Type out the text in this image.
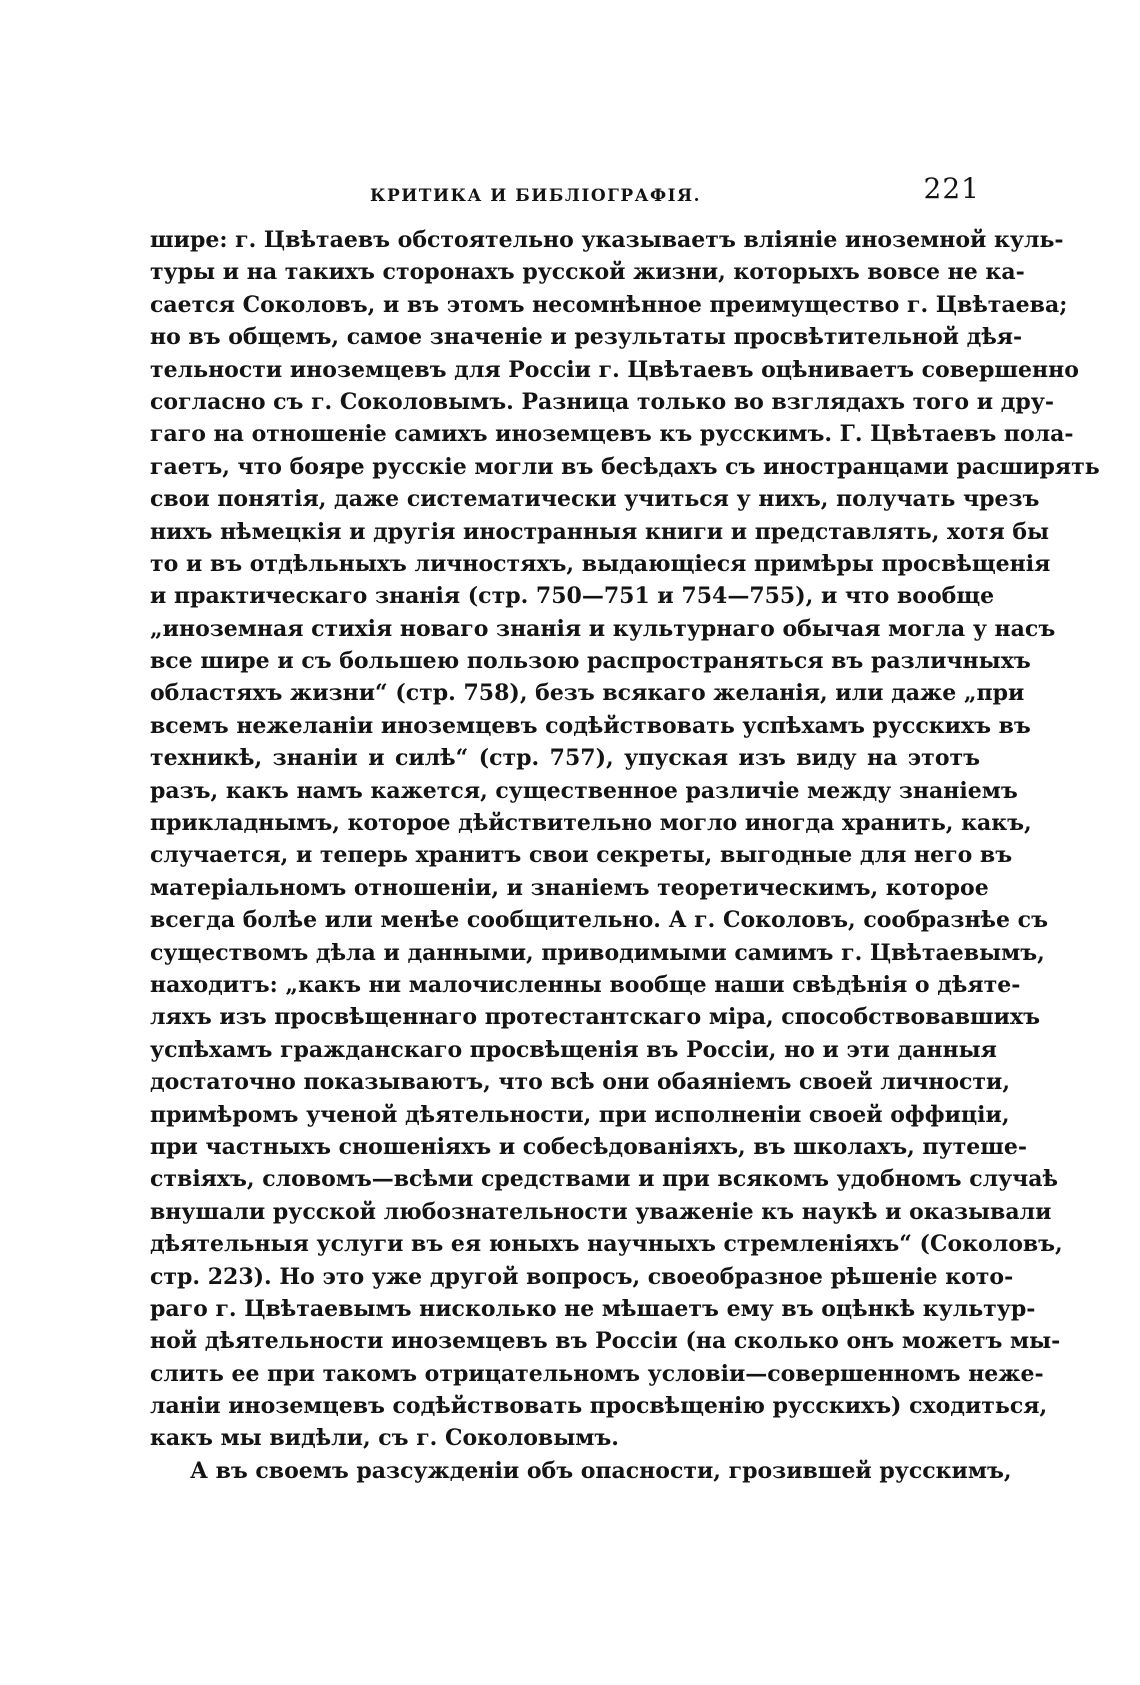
КРИТИКА И БИБЛІОГРАФІЯ.	221
шире: г. Цвѣтаевъ обстоятельно указываетъ вліяніе иноземной куль-
туры и на такихъ сторонахъ русской жизни, которыхъ вовсе не ка-
сается Соколовъ, и въ этомъ несомнѣнное преимущество г. Цвѣтаева;
но въ общемъ, самое значеніе и результаты просвѣтительной дѣя-
тельности иноземцевъ для Россіи г. Цвѣтаевъ оцѣниваетъ совершенно
согласно съ г. Соколовымъ. Разница только во взглядахъ того и дру-
гаго на отношеніе самихъ иноземцевъ къ русскимъ. Г. Цвѣтаевъ пола-
гаетъ, что бояре русскіе могли въ бесѣдахъ съ иностранцами расширять
свои понятія, даже систематически учиться у нихъ, получать чрезъ
нихъ нѣмецкія и другія иностранныя книги и представлять, хотя бы
то и въ отдѣльныхъ личностяхъ, выдающіеся примѣры просвѣщенія
и практическаго знанія (стр. 750—751 и 754—755), и что вообще
„иноземная стихія новаго знанія и культурнаго обычая могла у насъ
все шире и съ большею пользою распространяться въ различныхъ
областяхъ жизни“ (стр. 758), безъ всякаго желанія, или даже „при
всемъ нежеланіи иноземцевъ содѣйствовать успѣхамъ русскихъ въ
техникѣ, знаніи и силѣ“ (стр. 757), упуская изъ виду на этотъ
разъ, какъ намъ кажется, существенное различіе между знаніемъ
прикладнымъ, которое дѣйствительно могло иногда хранить, какъ,
случается, и теперь хранитъ свои секреты, выгодные для него въ
матеріальномъ отношеніи, и знаніемъ теоретическимъ, которое
всегда болѣе или менѣе сообщительно. А г. Соколовъ, сообразнѣе съ
существомъ дѣла и данными, приводимыми самимъ г. Цвѣтаевымъ,
находитъ: „какъ ни малочисленны вообще наши свѣдѣнія о дѣяте-
ляхъ изъ просвѣщеннаго протестантскаго міра, способствовавшихъ
успѣхамъ гражданскаго просвѣщенія въ Россіи, но и эти данныя
достаточно показываютъ, что всѣ они обаяніемъ своей личности,
примѣромъ ученой дѣятельности, при исполненіи своей оффиціи,
при частныхъ сношеніяхъ и собесѣдованіяхъ, въ школахъ, путеше-
ствіяхъ, словомъ—всѣми средствами и при всякомъ удобномъ случаѣ
внушали русской любознательности уваженіе къ наукѣ и оказывали
дѣятельныя услуги въ ея юныхъ научныхъ стремленіяхъ“ (Соколовъ,
стр. 223). Но это уже другой вопросъ, своеобразное рѣшеніе кото-
раго г. Цвѣтаевымъ нисколько не мѣшаетъ ему въ оцѣнкѣ культур-
ной дѣятельности иноземцевъ въ Россіи (на сколько онъ можетъ мы-
слить ее при такомъ отрицательномъ условіи—совершенномъ неже-
ланіи иноземцевъ содѣйствовать просвѣщенію русскихъ) сходиться,
какъ мы видѣли, съ г. Соколовымъ.
А въ своемъ разсужденіи объ опасности, грозившей русскимъ,
